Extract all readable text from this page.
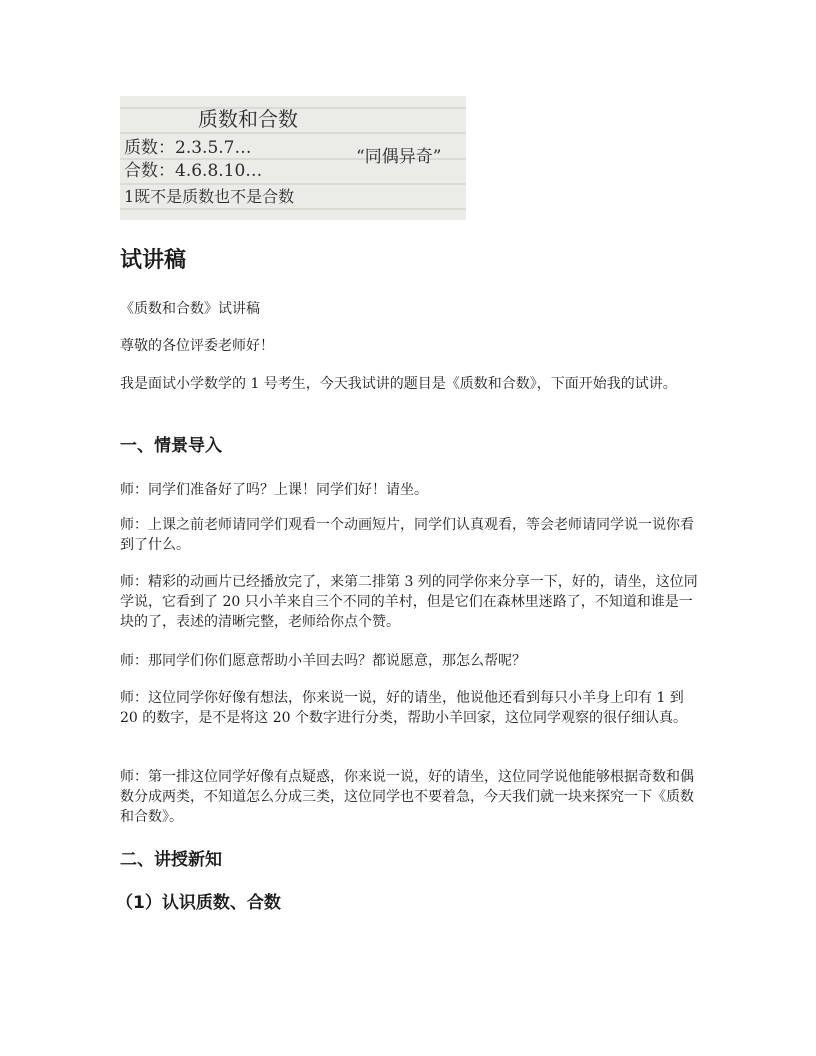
质数和合数
质数：2.3.5.7…
合数：4.6.8.10…
1既不是质数也不是合数
“同偶异奇”
试讲稿

《质数和合数》试讲稿

尊敬的各位评委老师好！

我是面试小学数学的 1 号考生，今天我试讲的题目是《质数和合数》，下面开始我的试讲。

一、情景导入

师：同学们准备好了吗？上课！同学们好！请坐。

师：上课之前老师请同学们观看一个动画短片，同学们认真观看，等会老师请同学说一说你看到了什么。

师：精彩的动画片已经播放完了，来第二排第 3 列的同学你来分享一下，好的，请坐，这位同学说，它看到了 20 只小羊来自三个不同的羊村，但是它们在森林里迷路了，不知道和谁是一块的了，表述的清晰完整，老师给你点个赞。

师：那同学们你们愿意帮助小羊回去吗？都说愿意，那怎么帮呢？

师：这位同学你好像有想法，你来说一说，好的请坐，他说他还看到每只小羊身上印有 1 到 20 的数字，是不是将这 20 个数字进行分类，帮助小羊回家，这位同学观察的很仔细认真。

师：第一排这位同学好像有点疑惑，你来说一说，好的请坐，这位同学说他能够根据奇数和偶数分成两类，不知道怎么分成三类，这位同学也不要着急，今天我们就一块来探究一下《质数和合数》。

二、讲授新知
（1）认识质数、合数
